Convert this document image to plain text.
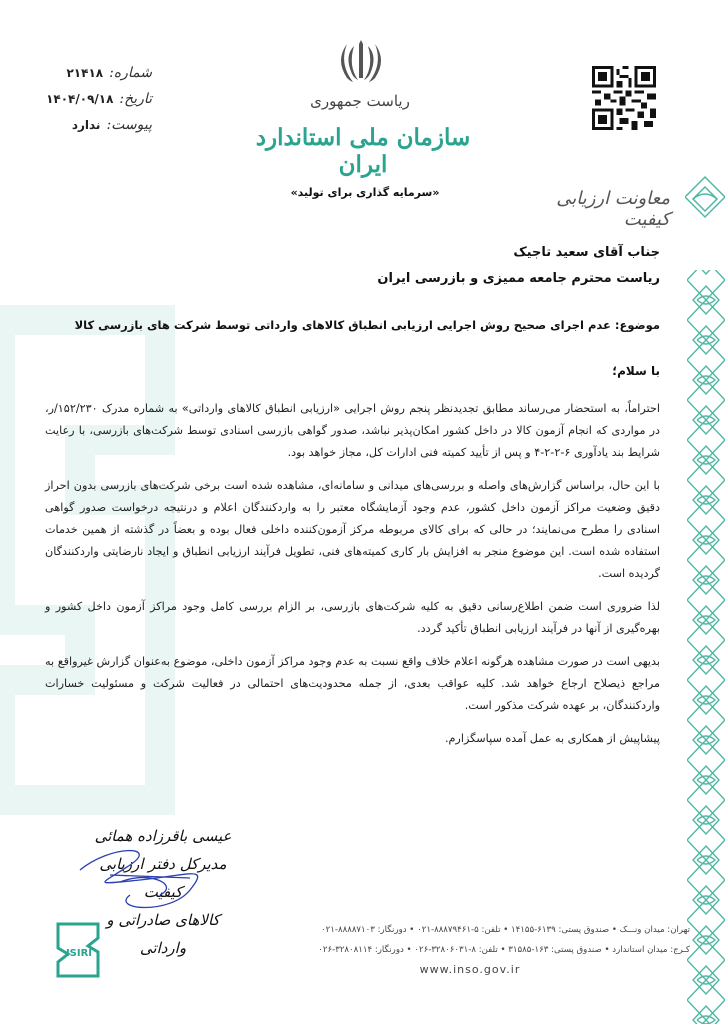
شماره:
۲۱۴۱۸
تاریخ:
۱۴۰۴/۰۹/۱۸
پیوست:
ندارد
ریاست جمهوری
سازمان ملی استاندارد ایران
«سرمایه گذاری برای تولید»	معاونت ارزیابی کیفیت
جناب آقای سعید تاجیک
ریاست محترم جامعه ممیزی و بازرسی ایران
موضوع: عدم اجرای صحیح روش اجرایی ارزیابی انطباق کالاهای وارداتی توسط شرکت های بازرسی کالا
با سلام؛

احتراماً، به استحضار می‌رساند مطابق تجدیدنظر پنجم روش اجرایی «ارزیابی انطباق کالاهای وارداتی» به شماره مدرک ۱۵۲/۲۳۰/ر، در مواردی که انجام آزمون کالا در داخل کشور امکان‌پذیر نباشد، صدور گواهی بازرسی اسنادی توسط شرکت‌های بازرسی، با رعایت شرایط بند یادآوری ۶-۲-۲-۴ و پس از تأیید کمیته فنی ادارات کل، مجاز خواهد بود.

با این حال، براساس گزارش‌های واصله و بررسی‌های میدانی و سامانه‌ای، مشاهده شده است برخی شرکت‌های بازرسی بدون احراز دقیق وضعیت مراکز آزمون داخل کشور، عدم وجود آزمایشگاه معتبر را به واردکنندگان اعلام و درنتیجه درخواست صدور گواهی اسنادی را مطرح می‌نمایند؛ در حالی که برای کالای مربوطه مرکز آزمون‌کننده داخلی فعال بوده و بعضاً در گذشته از همین خدمات استفاده شده است. این موضوع منجر به افزایش بار کاری کمیته‌های فنی، تطویل فرآیند ارزیابی انطباق و ایجاد نارضایتی واردکنندگان گردیده است.

لذا ضروری است ضمن اطلاع‌رسانی دقیق به کلیه شرکت‌های بازرسی، بر الزام بررسی کامل وجود مراکز آزمون داخل کشور و بهره‌گیری از آنها در فرآیند ارزیابی انطباق تأکید گردد.

بدیهی است در صورت مشاهده هرگونه اعلام خلاف واقع نسبت به عدم وجود مراکز آزمون داخلی، موضوع به‌عنوان گزارش غیرواقع به مراجع ذیصلاح ارجاع خواهد شد. کلیه عواقب بعدی، از جمله محدودیت‌های احتمالی در فعالیت شرکت و مسئولیت خسارات واردکنندگان، بر عهده شرکت مذکور است.

پیشاپیش از همکاری به عمل آمده سپاسگزارم.

عیسی باقرزاده همائی
مدیرکل دفتر ارزیابی کیفیت
کالاهای صادراتی و وارداتی
ISIRI
تهران: میدان ونـــک • صندوق پستی: ۶۱۳۹-۱۴۱۵۵ • تلفن: ۵-۸۸۸۷۹۴۶۱-۰۲۱ • دورنگار: ۸۸۸۸۷۱۰۳-۰۲۱
کـرج: میدان استاندارد • صندوق پستی: ۱۶۳-۳۱۵۸۵ • تلفن: ۸-۳۲۸۰۶۰۳۱-۰۲۶ • دورنگار: ۳۲۸۰۸۱۱۴-۰۲۶
www.inso.gov.ir
